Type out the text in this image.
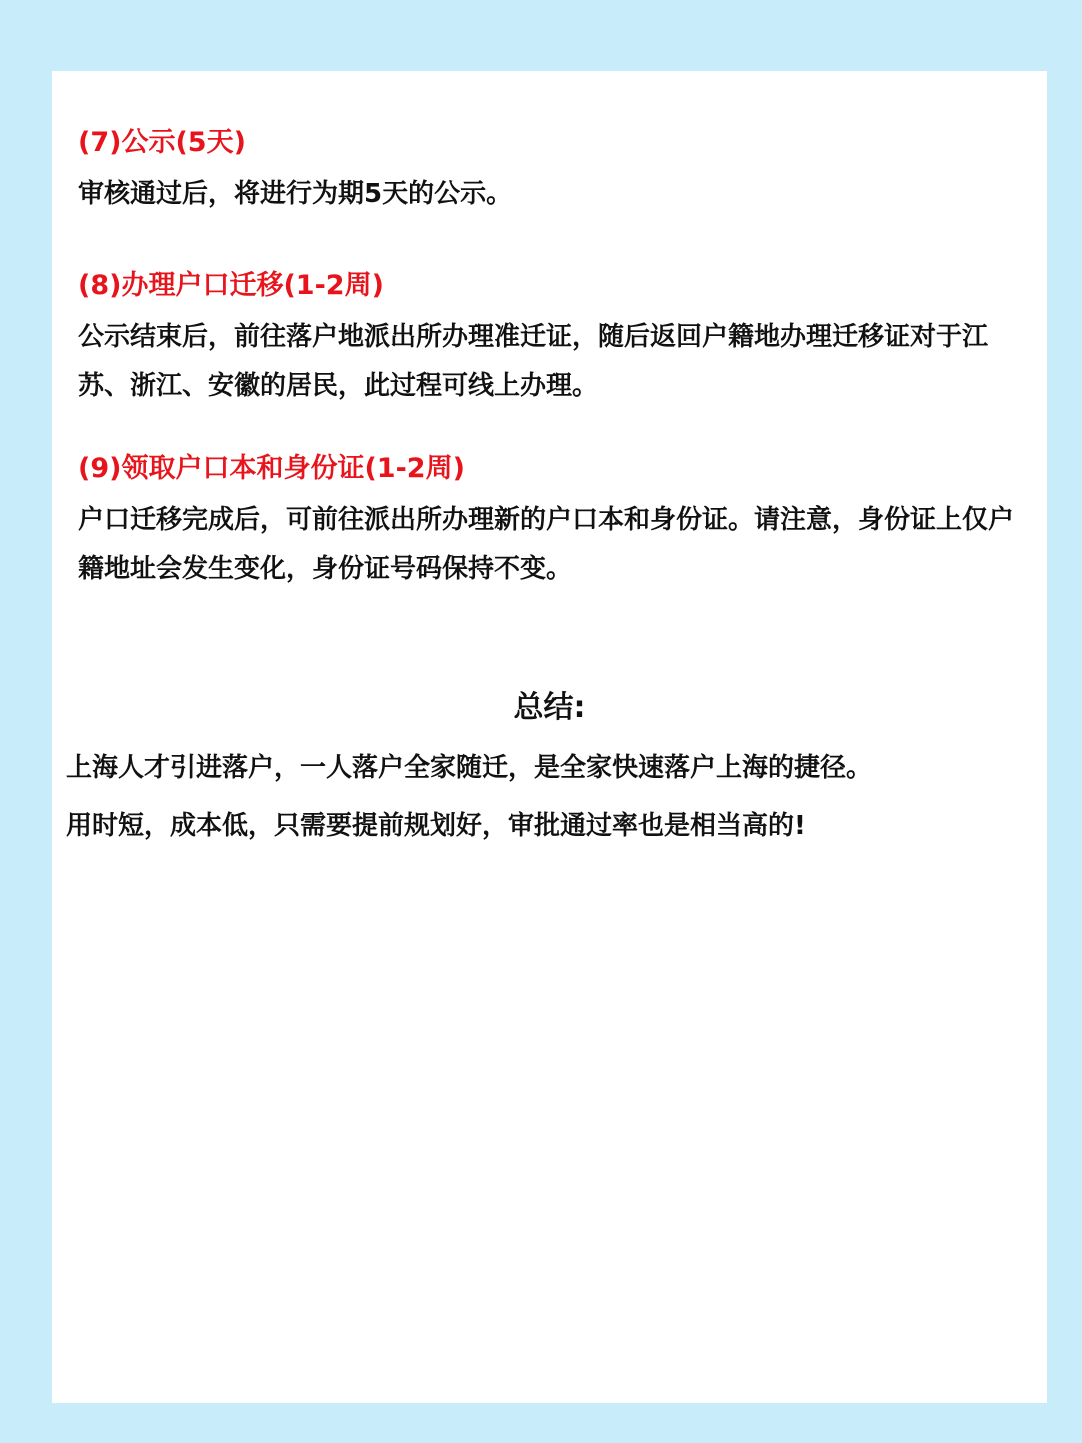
(7)公示(5天)
审核通过后，将进行为期5天的公示。
(8)办理户口迁移(1-2周)
公示结束后，前往落户地派出所办理准迁证，随后返回户籍地办理迁移证对于江苏、浙江、安徽的居民，此过程可线上办理。
(9)领取户口本和身份证(1-2周)
户口迁移完成后，可前往派出所办理新的户口本和身份证。请注意，身份证上仅户籍地址会发生变化，身份证号码保持不变。
总结:
上海人才引进落户，一人落户全家随迁，是全家快速落户上海的捷径。
用时短，成本低，只需要提前规划好，审批通过率也是相当高的!
